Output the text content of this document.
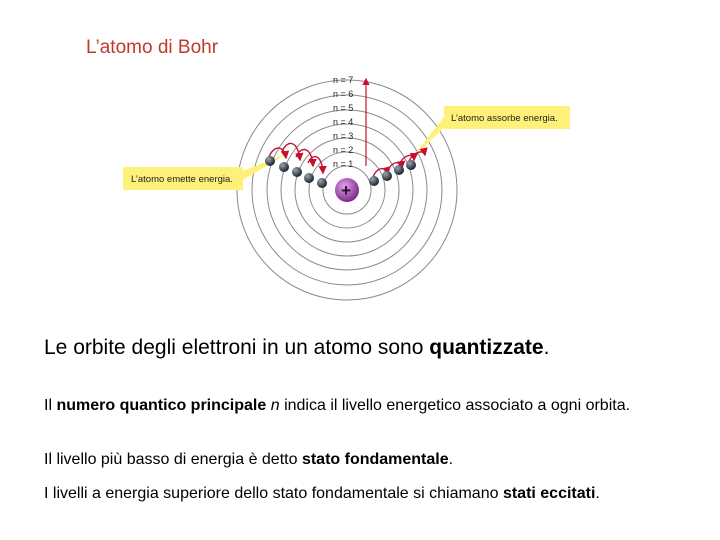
L’atomo di Bohr
n = 7
n = 6
n = 5
n = 4
n = 3
n = 2
n = 1
L’atomo emette energia.
L’atomo assorbe energia.
+
Le orbite degli elettroni in un atomo sono quantizzate.
Il numero quantico principale n indica il livello energetico associato a ogni orbita.
Il livello più basso di energia è detto stato fondamentale.
I livelli a energia superiore dello stato fondamentale si chiamano stati eccitati.
